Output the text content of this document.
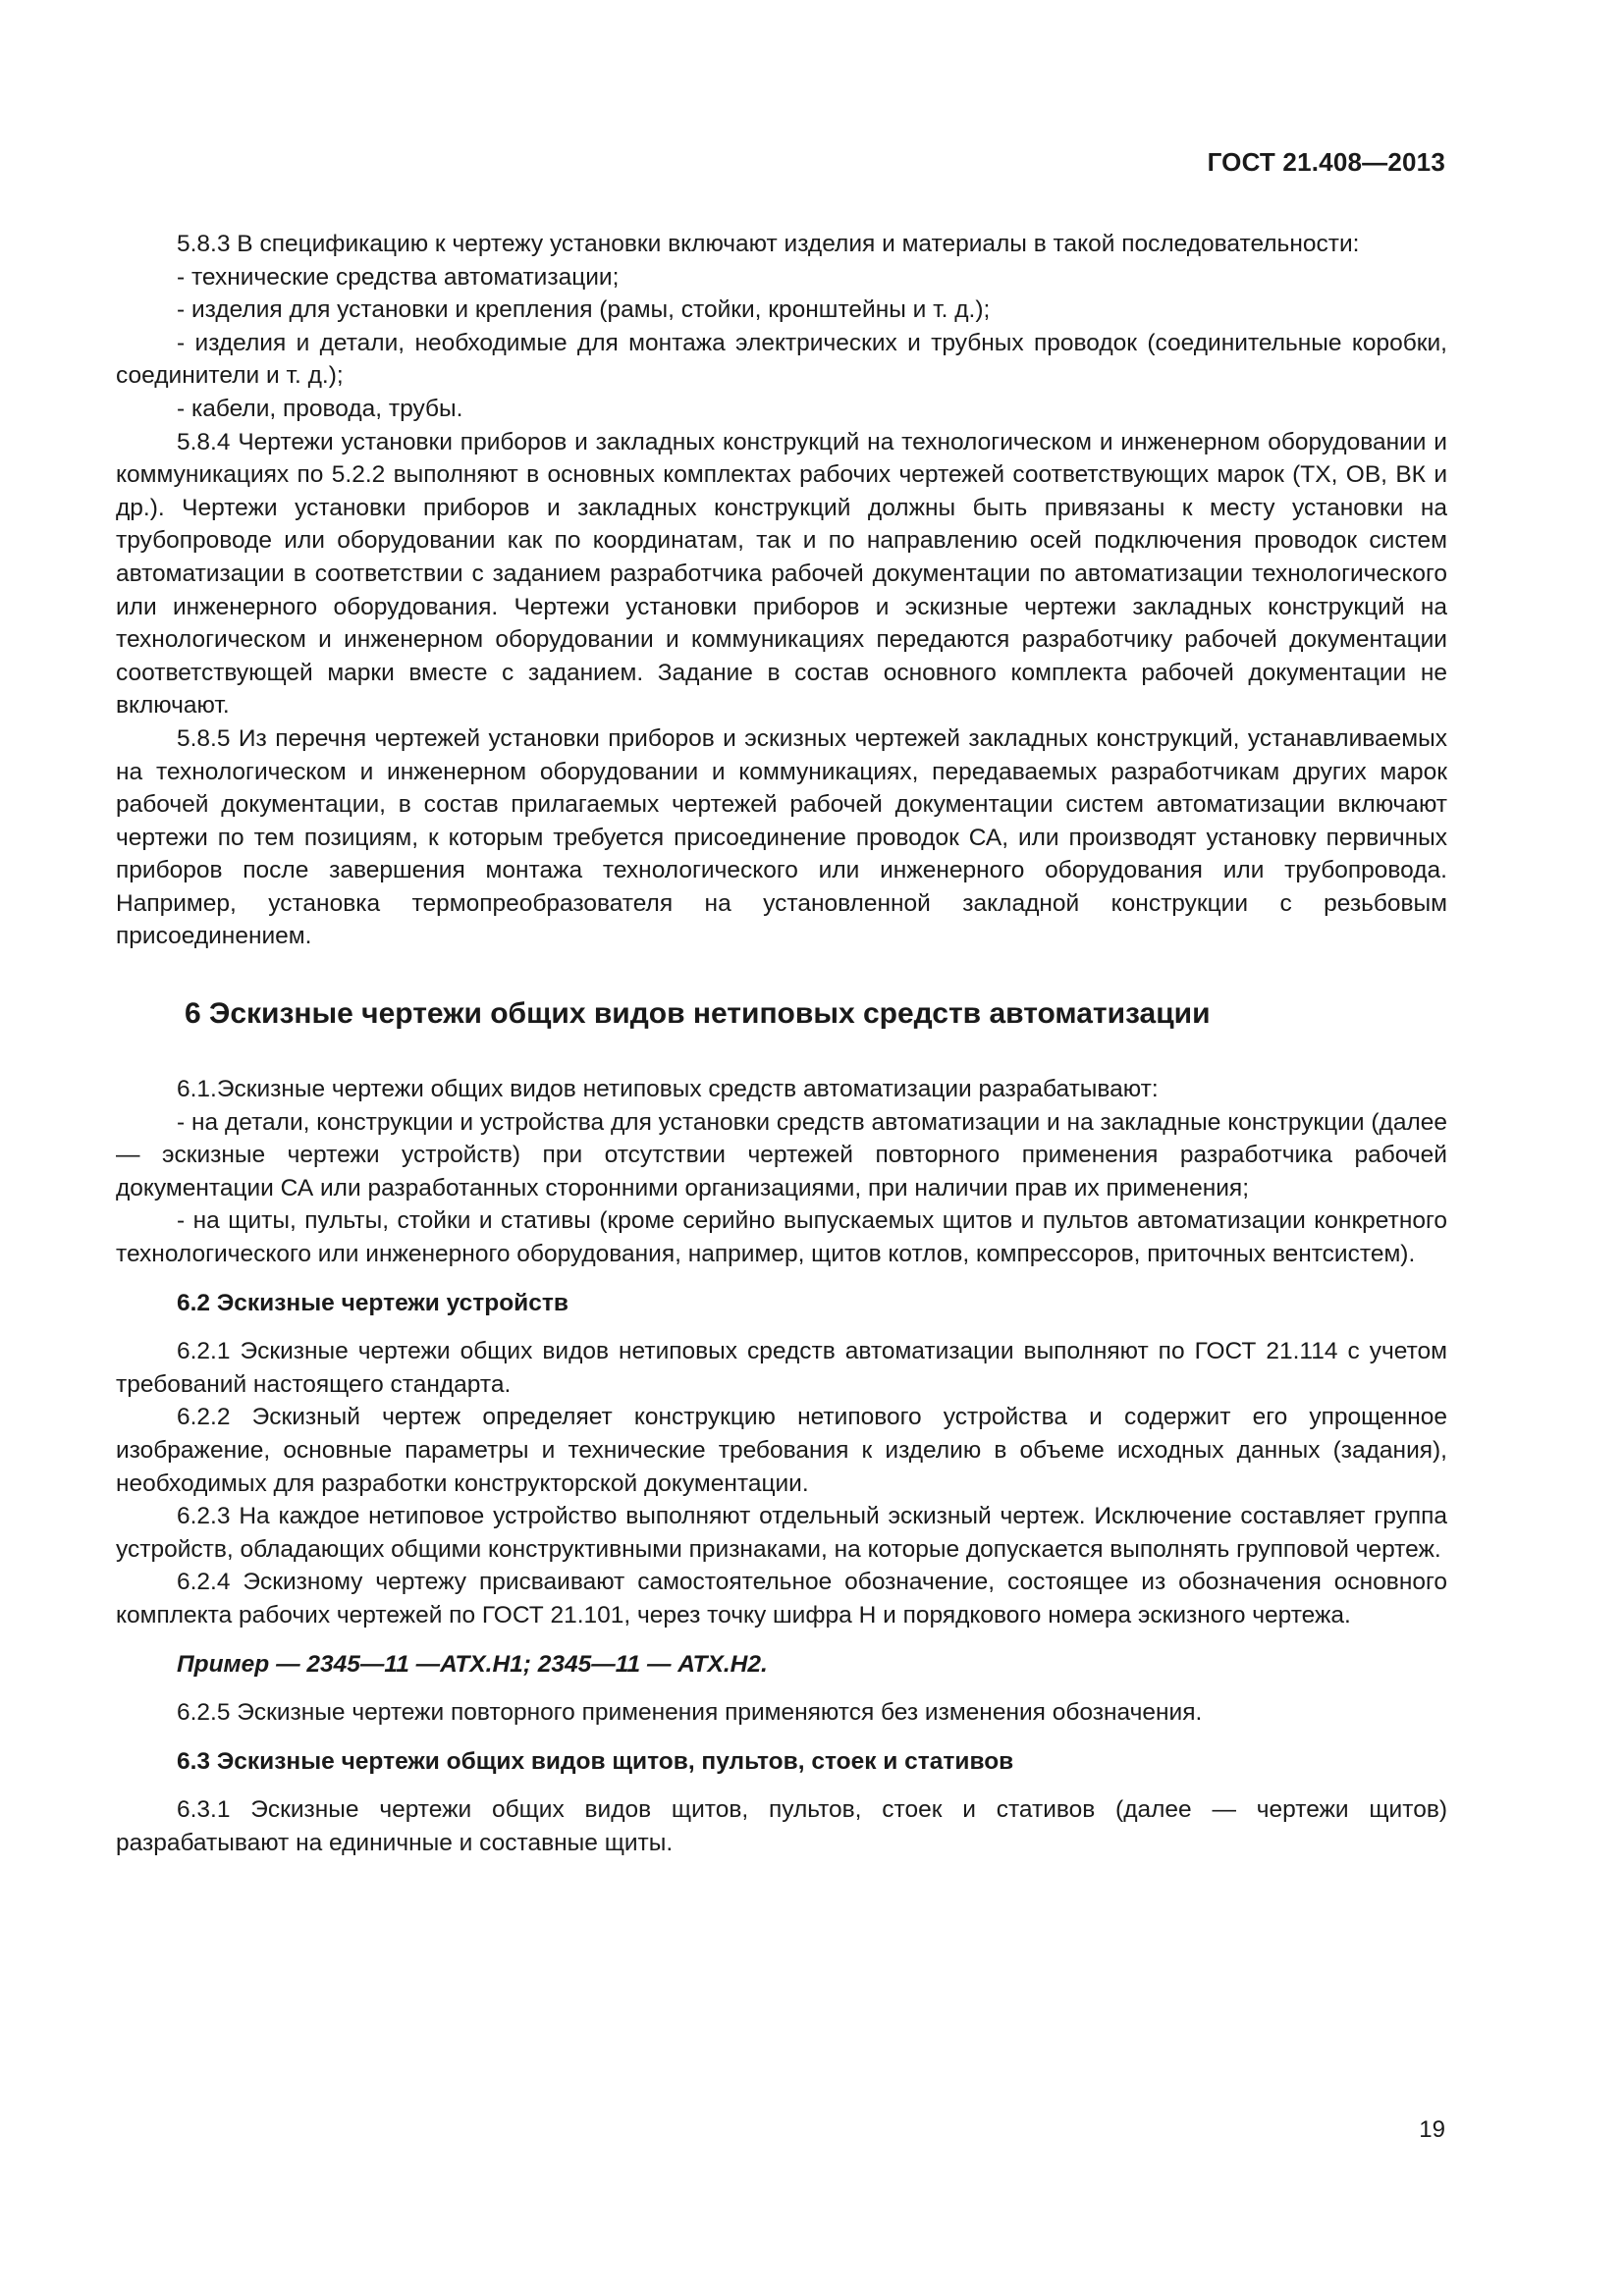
ГОСТ 21.408—2013

5.8.3 В спецификацию к чертежу установки включают изделия и материалы в такой последовательности:

- технические средства автоматизации;

- изделия для установки и крепления (рамы, стойки, кронштейны и т. д.);

- изделия и детали, необходимые для монтажа электрических и трубных проводок (соединительные коробки, соединители и т. д.);

- кабели, провода, трубы.

5.8.4 Чертежи установки приборов и закладных конструкций на технологическом и инженерном оборудовании и коммуникациях по 5.2.2 выполняют в основных комплектах рабочих чертежей соответствующих марок (ТХ, ОВ, ВК и др.). Чертежи установки приборов и закладных конструкций должны быть привязаны к месту установки на трубопроводе или оборудовании как по координатам, так и по направлению осей подключения проводок систем автоматизации в соответствии с заданием разработчика рабочей документации по автоматизации технологического или инженерного оборудования. Чертежи установки приборов и эскизные чертежи закладных конструкций на технологическом и инженерном оборудовании и коммуникациях передаются разработчику рабочей документации соответствующей марки вместе с заданием. Задание в состав основного комплекта рабочей документации не включают.

5.8.5 Из перечня чертежей установки приборов и эскизных чертежей закладных конструкций, устанавливаемых на технологическом и инженерном оборудовании и коммуникациях, передаваемых разработчикам других марок рабочей документации, в состав прилагаемых чертежей рабочей документации систем автоматизации включают чертежи по тем позициям, к которым требуется присоединение проводок СА, или производят установку первичных приборов после завершения монтажа технологического или инженерного оборудования или трубопровода. Например, установка термопреобразователя на установленной закладной конструкции с резьбовым присоединением.

6 Эскизные чертежи общих видов нетиповых средств автоматизации

6.1.Эскизные чертежи общих видов нетиповых средств автоматизации разрабатывают:

- на детали, конструкции и устройства для установки средств автоматизации и на закладные конструкции (далее — эскизные чертежи устройств) при отсутствии чертежей повторного применения разработчика рабочей документации СА или разработанных сторонними организациями, при наличии прав их применения;

- на щиты, пульты, стойки и стативы (кроме серийно выпускаемых щитов и пультов автоматизации конкретного технологического или инженерного оборудования, например, щитов котлов, компрессоров, приточных вентсистем).

6.2 Эскизные чертежи устройств

6.2.1 Эскизные чертежи общих видов нетиповых средств автоматизации выполняют по ГОСТ 21.114 с учетом требований настоящего стандарта.

6.2.2 Эскизный чертеж определяет конструкцию нетипового устройства и содержит его упрощенное изображение, основные параметры и технические требования к изделию в объеме исходных данных (задания), необходимых для разработки конструкторской документации.

6.2.3 На каждое нетиповое устройство выполняют отдельный эскизный чертеж. Исключение составляет группа устройств, обладающих общими конструктивными признаками, на которые допускается выполнять групповой чертеж.

6.2.4 Эскизному чертежу присваивают самостоятельное обозначение, состоящее из обозначения основного комплекта рабочих чертежей по ГОСТ 21.101, через точку шифра Н и порядкового номера эскизного чертежа.

Пример — 2345—11 —АТХ.Н1; 2345—11 — АТХ.Н2.

6.2.5 Эскизные чертежи повторного применения применяются без изменения обозначения.

6.3 Эскизные чертежи общих видов щитов, пультов, стоек и стативов

6.3.1 Эскизные чертежи общих видов щитов, пультов, стоек и стативов (далее — чертежи щитов) разрабатывают на единичные и составные щиты.

19
